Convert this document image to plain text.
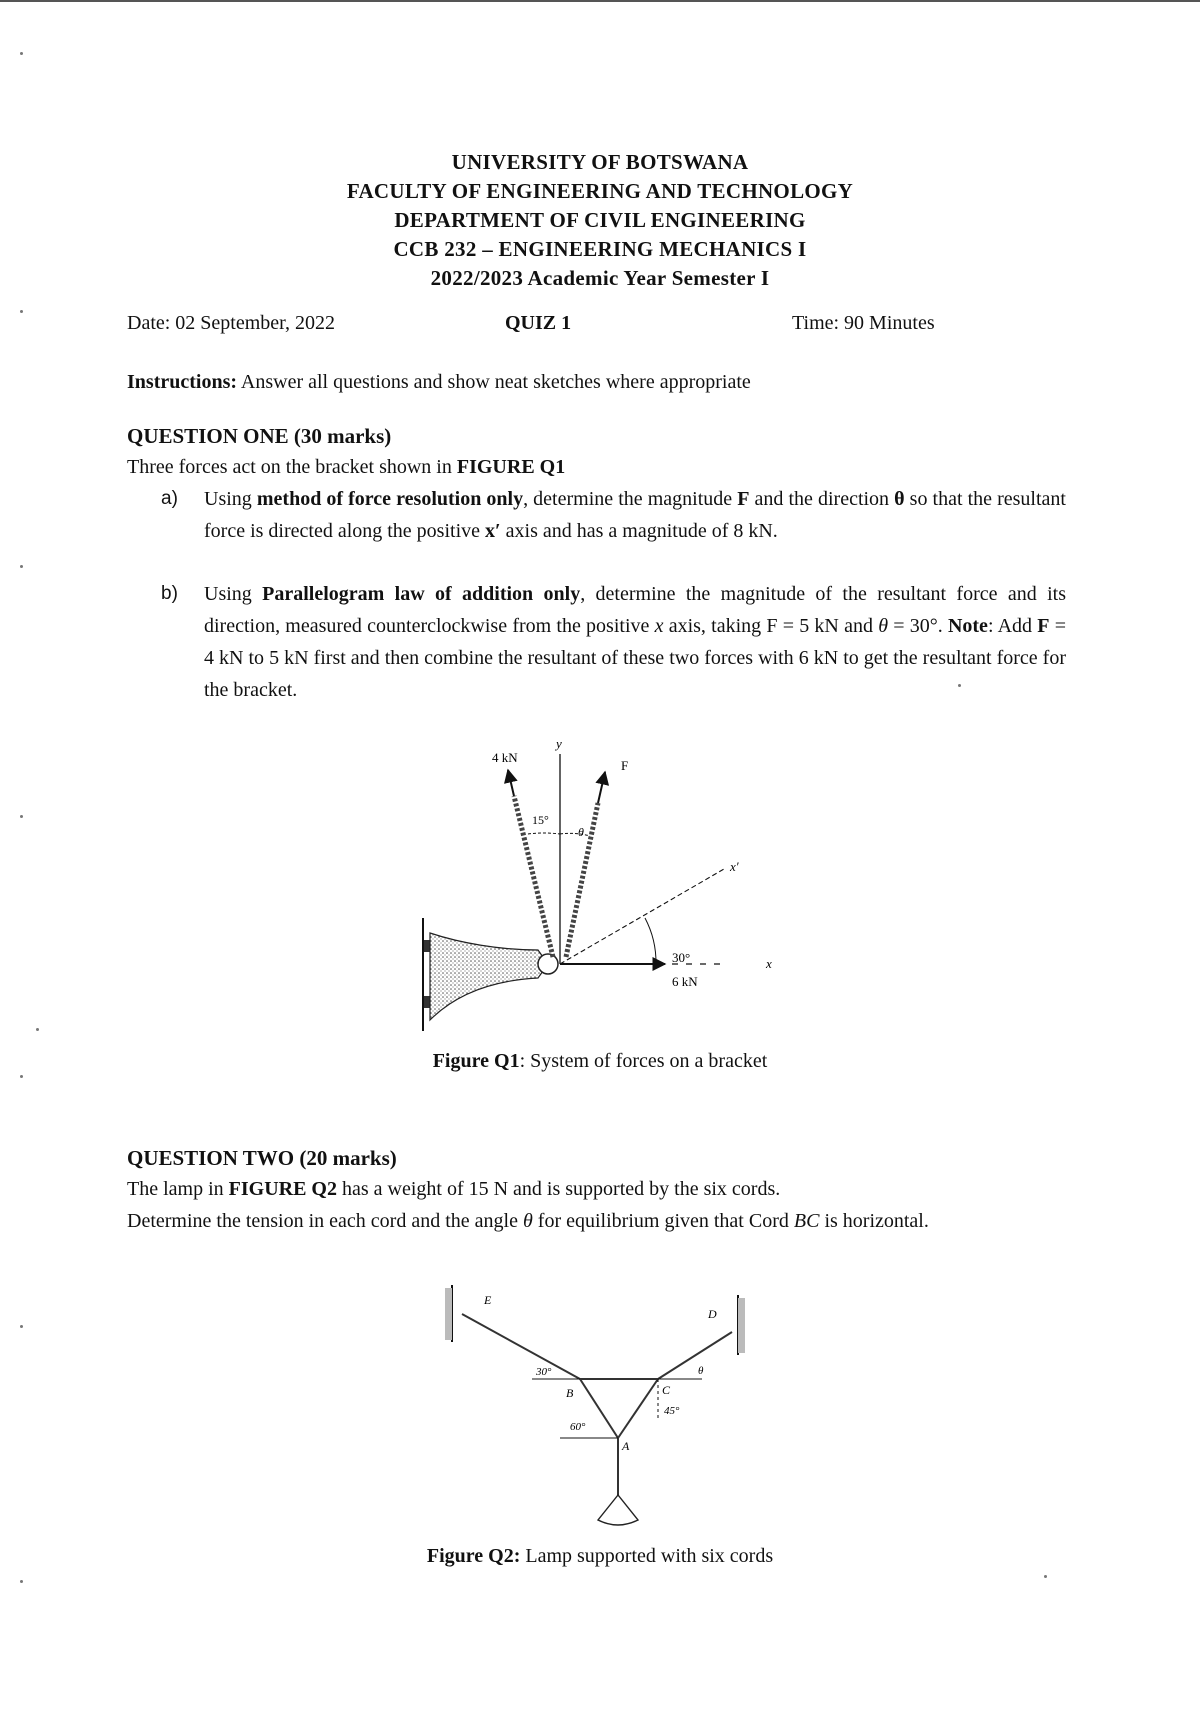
UNIVERSITY OF BOTSWANA
FACULTY OF ENGINEERING AND TECHNOLOGY
DEPARTMENT OF CIVIL ENGINEERING
CCB 232 – ENGINEERING MECHANICS I
2022/2023 Academic Year Semester I
Date: 02 September, 2022	QUIZ 1	Time: 90 Minutes
Instructions: Answer all questions and show neat sketches where appropriate
QUESTION ONE (30 marks)
Three forces act on the bracket shown in FIGURE Q1
a) Using method of force resolution only, determine the magnitude F and the direction θ so that the resultant force is directed along the positive x′ axis and has a magnitude of 8 kN.
b) Using Parallelogram law of addition only, determine the magnitude of the resultant force and its direction, measured counterclockwise from the positive x axis, taking F = 5 kN and θ = 30°. Note: Add F = 4 kN to 5 kN first and then combine the resultant of these two forces with 6 kN to get the resultant force for the bracket.
y
x
x′
30°
6 kN
4 kN
15°
F
θ
Figure Q1: System of forces on a bracket
QUESTION TWO (20 marks)
The lamp in FIGURE Q2 has a weight of 15 N and is supported by the six cords.
Determine the tension in each cord and the angle θ for equilibrium given that Cord BC is horizontal.
E
D
B	C
A
30°
60°
45°
θ
Figure Q2: Lamp supported with six cords
